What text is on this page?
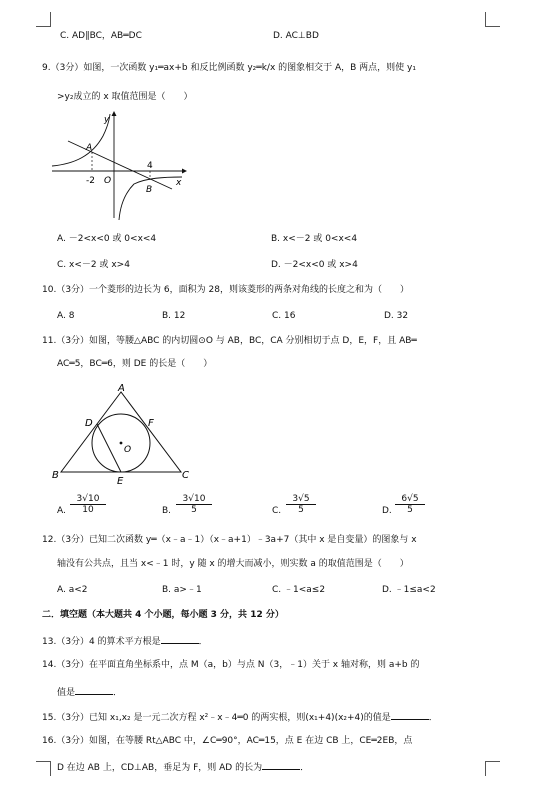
C. AD∥BC，AB═DC	D. AC⊥BD
9.（3分）如图，一次函数 y₁═ax+b 和反比例函数 y₂═k/x 的图象相交于 A，B 两点，则使 y₁
>y₂成立的 x 取值范围是（　　）
y
x
A
B
-2 O
4
A. －2<x<0 或 0<x<4	B. x<－2 或 0<x<4
C. x<－2 或 x>4	D. －2<x<0 或 x>4
10.（3分）一个菱形的边长为 6，面积为 28，则该菱形的两条对角线的长度之和为（　　）
A. 8	B. 12	C. 16	D. 32
11.（3分）如图，等腰△ABC 的内切圆⊙O 与 AB，BC，CA 分别相切于点 D，E，F，且 AB═
AC═5，BC═6，则 DE 的长是（　　）
A
B	C
D
E
F
O
A. $\frac{3√10}{10}$	B. $\frac{3√10}{5}$	C. $\frac{3√5}{5}$	D. $\frac{6√5}{5}$
12.（3分）已知二次函数 y═（x﹣a﹣1）（x﹣a+1）﹣3a+7（其中 x 是自变量）的图象与 x
轴没有公共点，且当 x<﹣1 时，y 随 x 的增大而减小，则实数 a 的取值范围是（　　）
A. a<2	B. a>﹣1	C. ﹣1<a≤2	D. ﹣1≤a<2
二．填空题（本大题共 4 个小题，每小题 3 分，共 12 分）
13.（3分）4 的算术平方根是	．
14.（3分）在平面直角坐标系中，点 M（a，b）与点 N（3，﹣1）关于 x 轴对称，则 a+b 的
值是	．
15.（3分）已知 x₁,x₂ 是一元二次方程 x²﹣x﹣4═0 的两实根，则(x₁+4)(x₂+4)的值是	．
16.（3分）如图，在等腰 Rt△ABC 中，∠C═90°，AC═15，点 E 在边 CB 上，CE═2EB，点
D 在边 AB 上，CD⊥AB，垂足为 F，则 AD 的长为	．
